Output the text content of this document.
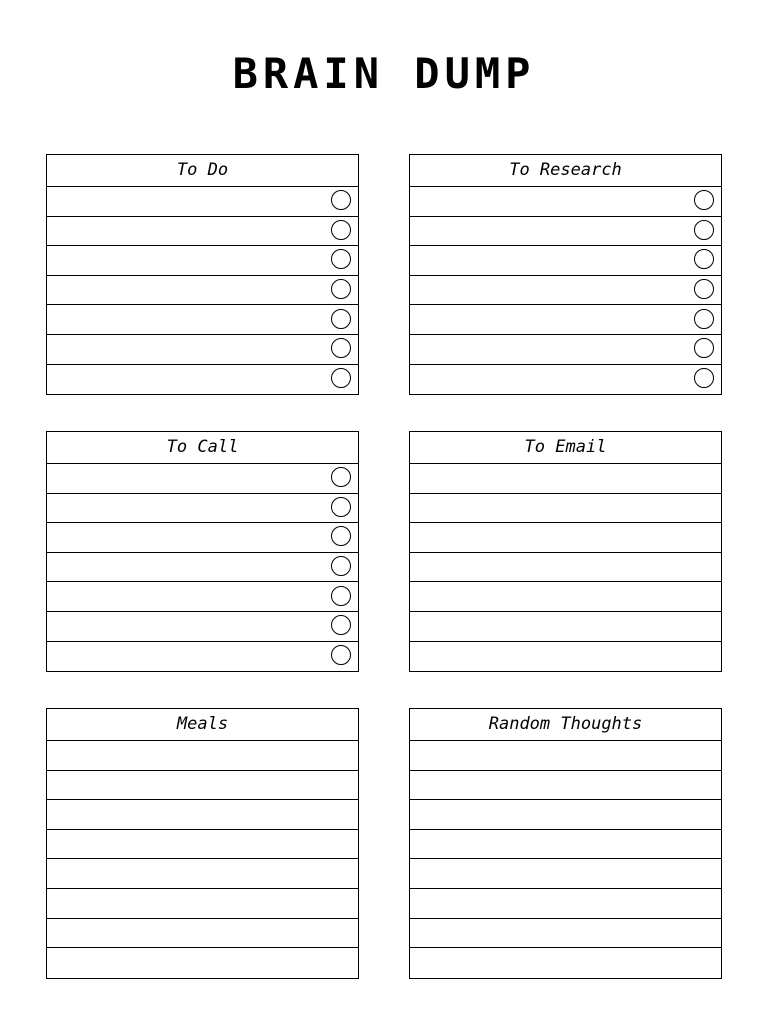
BRAIN DUMP
To Do	To Research
To Call	To Email
Meals	Random Thoughts
